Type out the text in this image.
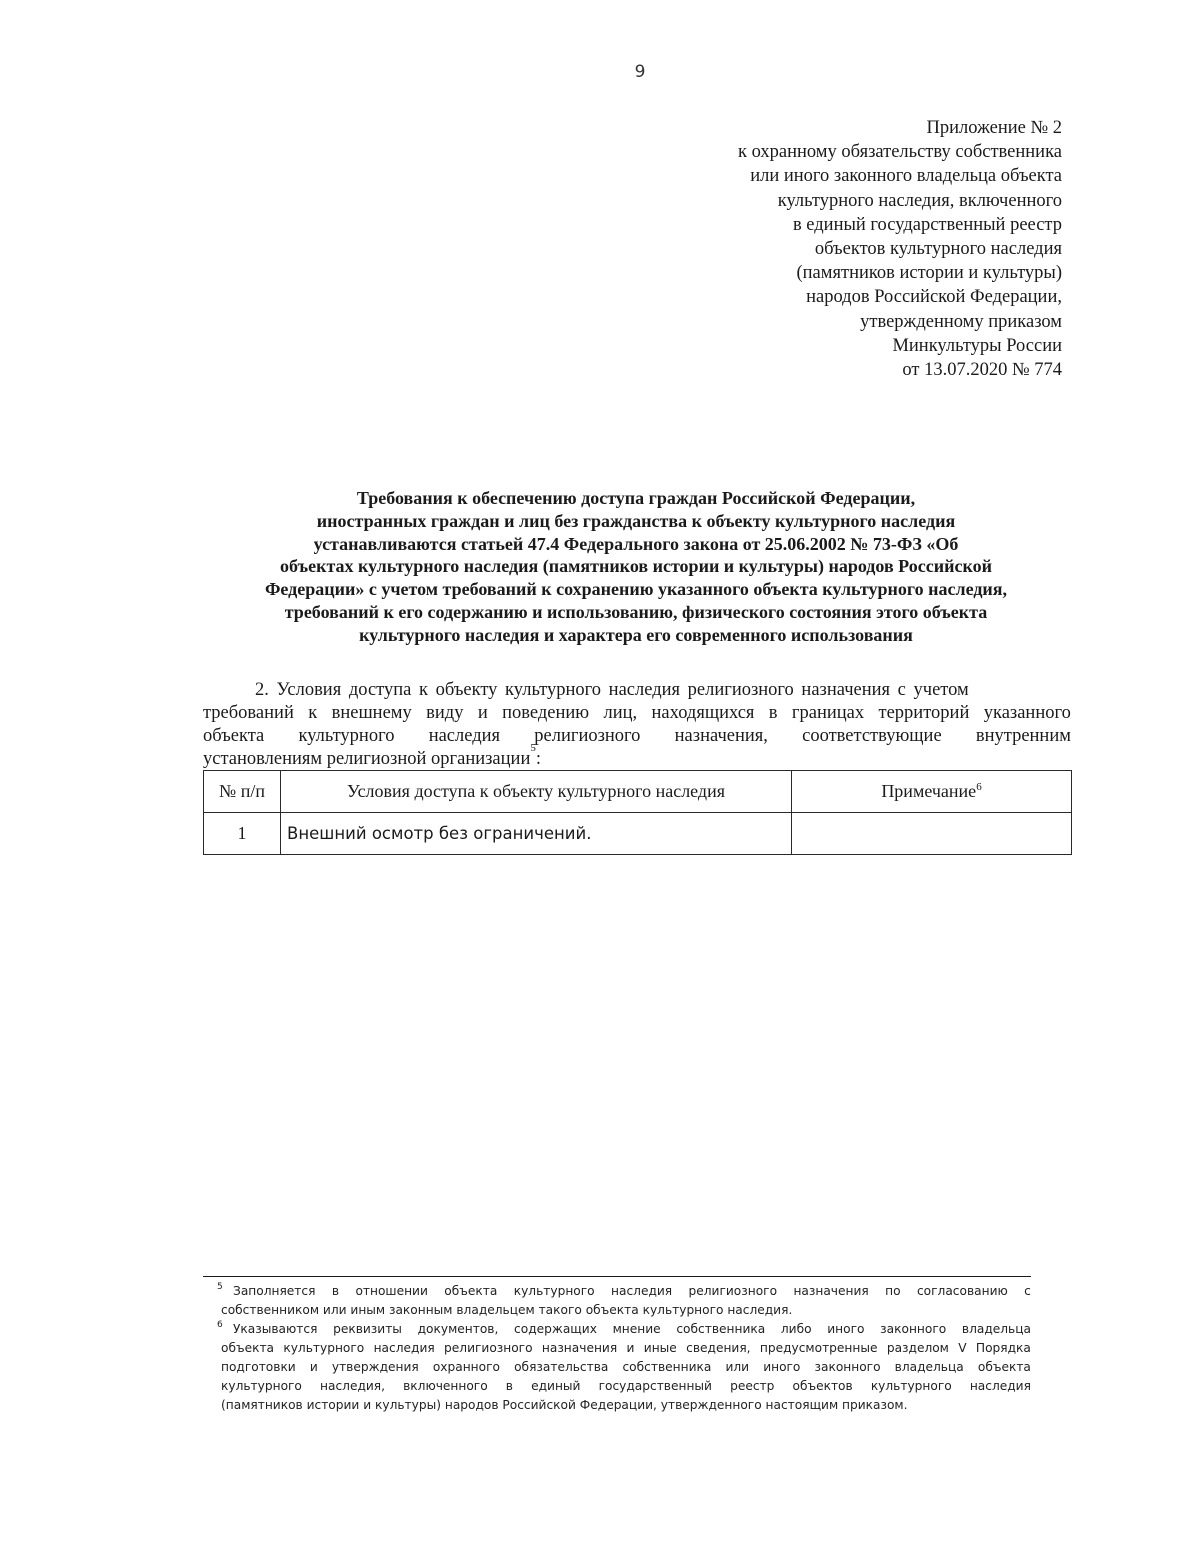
9
Приложение № 2
к охранному обязательству собственника
или иного законного владельца объекта
культурного наследия, включенного
в единый государственный реестр
объектов культурного наследия
(памятников истории и культуры)
народов Российской Федерации,
утвержденному приказом
Минкультуры России
от 13.07.2020 № 774
Требования к обеспечению доступа граждан Российской Федерации,
иностранных граждан и лиц без гражданства к объекту культурного наследия
устанавливаются статьей 47.4 Федерального закона от 25.06.2002 № 73-ФЗ «Об
объектах культурного наследия (памятников истории и культуры) народов Российской
Федерации» с учетом требований к сохранению указанного объекта культурного наследия,
требований к его содержанию и использованию, физического состояния этого объекта
культурного наследия и характера его современного использования
2. Условия доступа к объекту культурного наследия религиозного назначения с учетом
требований к внешнему виду и поведению лиц, находящихся в границах территорий указанного
объекта культурного наследия религиозного назначения, соответствующие внутренним
установлениям религиозной организации
5
:
№ п/п	Условия доступа к объекту культурного наследия	Примечание$^6$
1	Внешний осмотр без ограничений.	
5 Заполняется в отношении объекта культурного наследия религиозного назначения по согласованию с
собственником или иным законным владельцем такого объекта культурного наследия.
6 Указываются реквизиты документов, содержащих мнение собственника либо иного законного владельца
объекта культурного наследия религиозного назначения и иные сведения, предусмотренные разделом V Порядка
подготовки и утверждения охранного обязательства собственника или иного законного владельца объекта
культурного наследия, включенного в единый государственный реестр объектов культурного наследия
(памятников истории и культуры) народов Российской Федерации, утвержденного настоящим приказом.
